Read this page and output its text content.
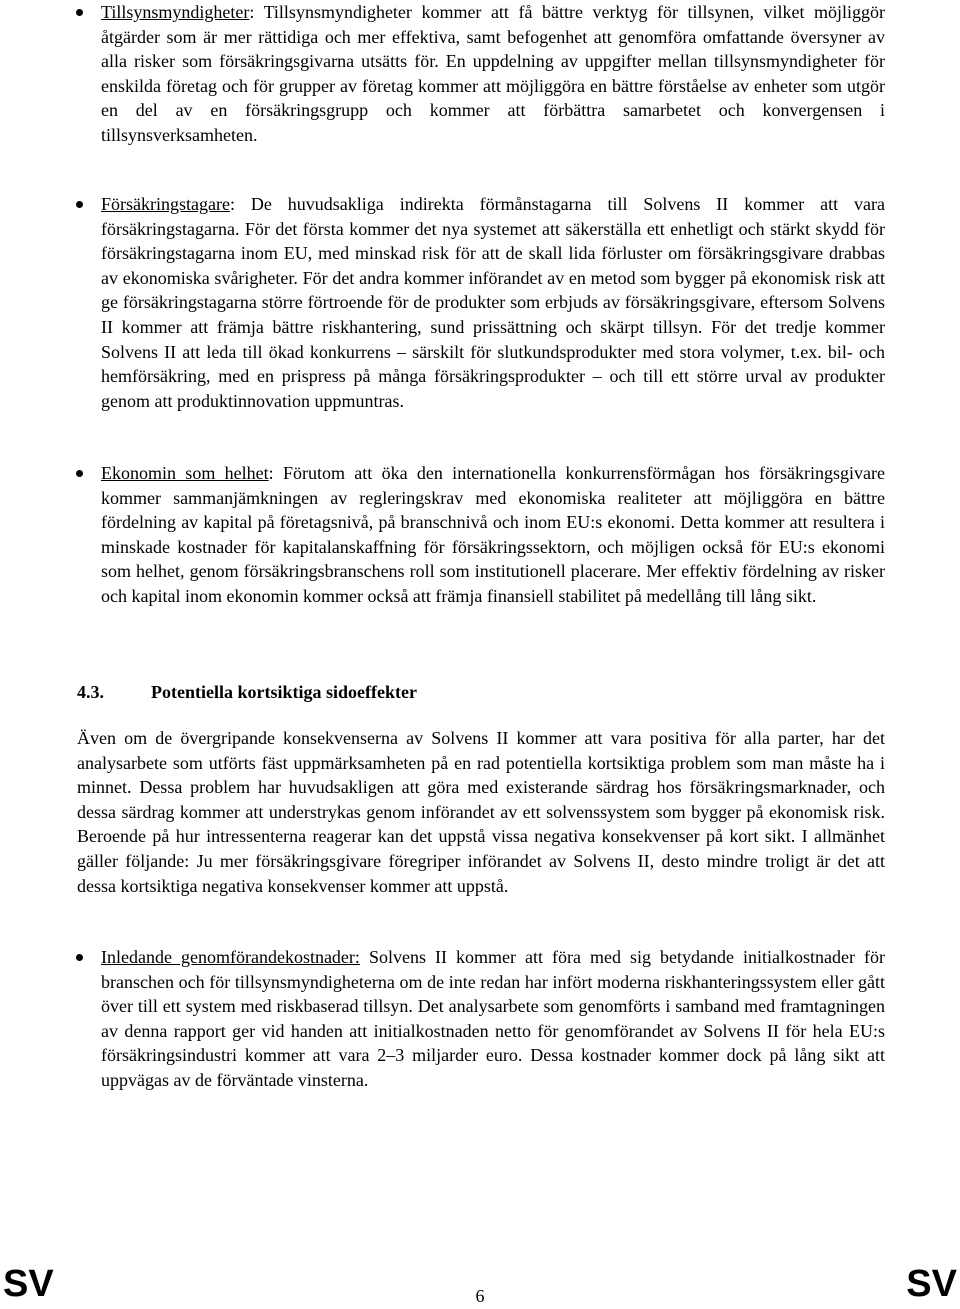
Tillsynsmyndigheter: Tillsynsmyndigheter kommer att få bättre verktyg för tillsynen, vilket möjliggör åtgärder som är mer rättidiga och mer effektiva, samt befogenhet att genomföra omfattande översyner av alla risker som försäkringsgivarna utsätts för. En uppdelning av uppgifter mellan tillsynsmyndigheter för enskilda företag och för grupper av företag kommer att möjliggöra en bättre förståelse av enheter som utgör en del av en försäkringsgrupp och kommer att förbättra samarbetet och konvergensen i tillsynsverksamheten.

Försäkringstagare: De huvudsakliga indirekta förmånstagarna till Solvens II kommer att vara försäkringstagarna. För det första kommer det nya systemet att säkerställa ett enhetligt och stärkt skydd för försäkringstagarna inom EU, med minskad risk för att de skall lida förluster om försäkringsgivare drabbas av ekonomiska svårigheter. För det andra kommer införandet av en metod som bygger på ekonomisk risk att ge försäkringstagarna större förtroende för de produkter som erbjuds av försäkringsgivare, eftersom Solvens II kommer att främja bättre riskhantering, sund prissättning och skärpt tillsyn. För det tredje kommer Solvens II att leda till ökad konkurrens – särskilt för slutkundsprodukter med stora volymer, t.ex. bil- och hemförsäkring, med en prispress på många försäkringsprodukter – och till ett större urval av produkter genom att produktinnovation uppmuntras.

Ekonomin som helhet: Förutom att öka den internationella konkurrensförmågan hos försäkringsgivare kommer sammanjämkningen av regleringskrav med ekonomiska realiteter att möjliggöra en bättre fördelning av kapital på företagsnivå, på branschnivå och inom EU:s ekonomi. Detta kommer att resultera i minskade kostnader för kapitalanskaffning för försäkringssektorn, och möjligen också för EU:s ekonomi som helhet, genom försäkringsbranschens roll som institutionell placerare. Mer effektiv fördelning av risker och kapital inom ekonomin kommer också att främja finansiell stabilitet på medellång till lång sikt.

4.3.	Potentiella kortsiktiga sidoeffekter

Även om de övergripande konsekvenserna av Solvens II kommer att vara positiva för alla parter, har det analysarbete som utförts fäst uppmärksamheten på en rad potentiella kortsiktiga problem som man måste ha i minnet. Dessa problem har huvudsakligen att göra med existerande särdrag hos försäkringsmarknader, och dessa särdrag kommer att understrykas genom införandet av ett solvenssystem som bygger på ekonomisk risk. Beroende på hur intressenterna reagerar kan det uppstå vissa negativa konsekvenser på kort sikt. I allmänhet gäller följande: Ju mer försäkringsgivare föregriper införandet av Solvens II, desto mindre troligt är det att dessa kortsiktiga negativa konsekvenser kommer att uppstå.

Inledande genomförandekostnader: Solvens II kommer att föra med sig betydande initialkostnader för branschen och för tillsynsmyndigheterna om de inte redan har infört moderna riskhanteringssystem eller gått över till ett system med riskbaserad tillsyn. Det analysarbete som genomförts i samband med framtagningen av denna rapport ger vid handen att initialkostnaden netto för genomförandet av Solvens II för hela EU:s försäkringsindustri kommer att vara 2–3 miljarder euro. Dessa kostnader kommer dock på lång sikt att uppvägas av de förväntade vinsterna.

SV	6	SV
